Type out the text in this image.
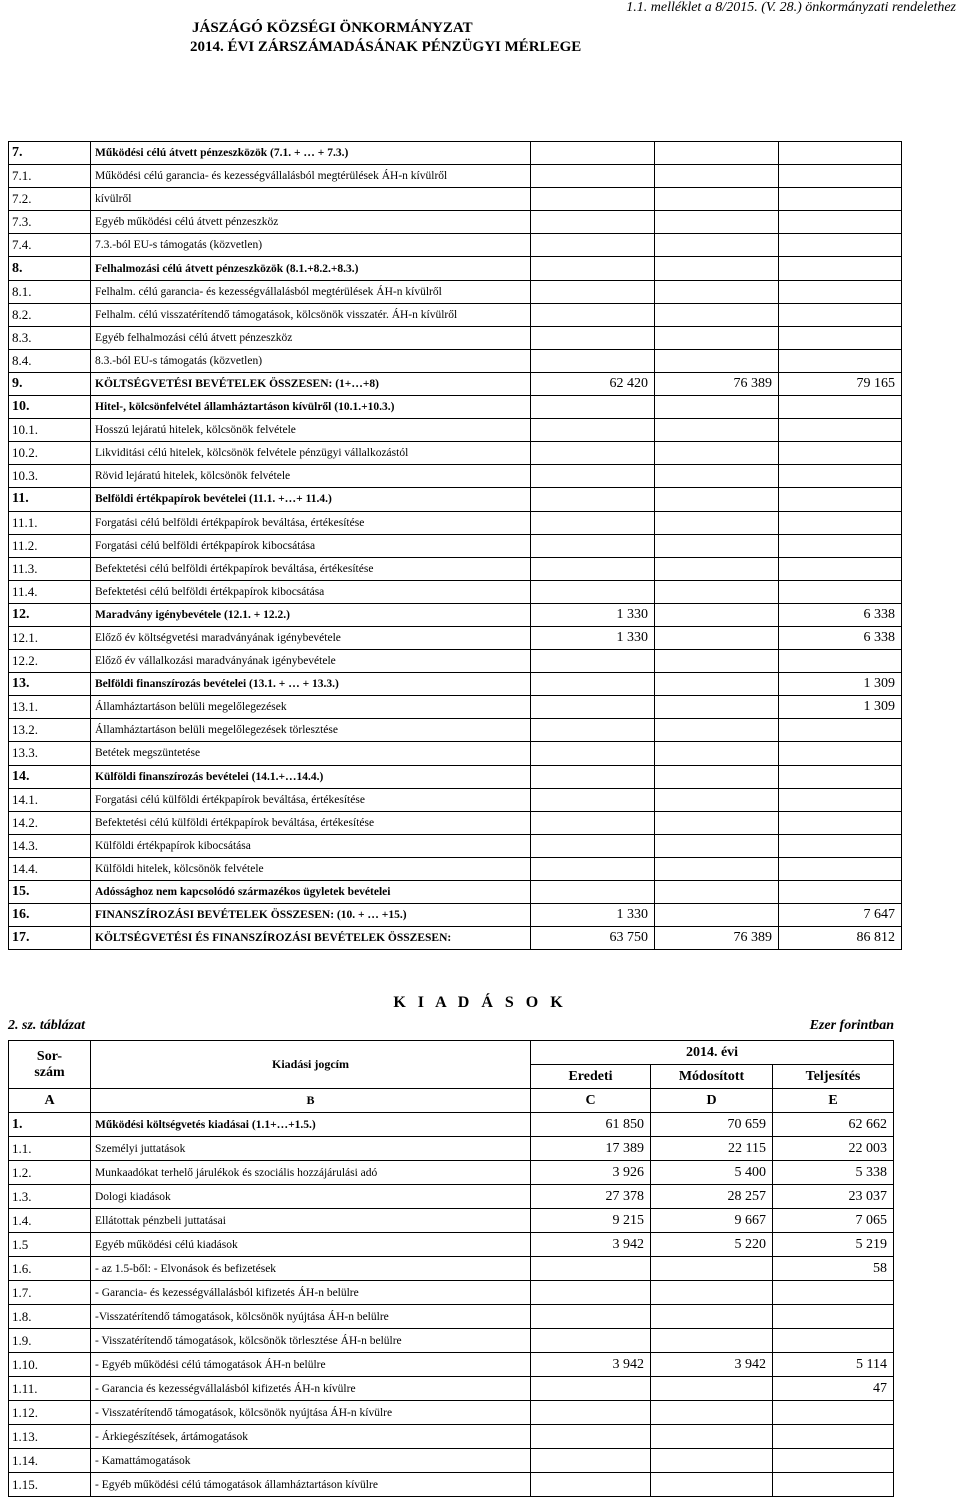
1.1. melléklet a 8/2015. (V. 28.) önkormányzati rendelethez
JÁSZÁGÓ KÖZSÉGI ÖNKORMÁNYZAT
2014. ÉVI ZÁRSZÁMADÁSÁNAK PÉNZÜGYI MÉRLEGE
7.	Működési célú átvett pénzeszközök (7.1. + … + 7.3.)			
7.1.	Működési célú garancia- és kezességvállalásból megtérülések ÁH-n kívülről			
7.2.	kívülről			
7.3.	Egyéb működési célú átvett pénzeszköz			
7.4.	7.3.-ból EU-s támogatás (közvetlen)			
8.	Felhalmozási célú átvett pénzeszközök (8.1.+8.2.+8.3.)			
8.1.	Felhalm. célú garancia- és kezességvállalásból megtérülések ÁH-n kívülről			
8.2.	Felhalm. célú visszatérítendő támogatások, kölcsönök visszatér. ÁH-n kívülről			
8.3.	Egyéb felhalmozási célú átvett pénzeszköz			
8.4.	8.3.-ból EU-s támogatás (közvetlen)			
9.	KÖLTSÉGVETÉSI BEVÉTELEK ÖSSZESEN: (1+…+8)	62 420	76 389	79 165
10.	Hitel-, kölcsönfelvétel államháztartáson kívülről (10.1.+10.3.)			
10.1.	Hosszú lejáratú hitelek, kölcsönök felvétele			
10.2.	Likviditási célú hitelek, kölcsönök felvétele pénzügyi vállalkozástól			
10.3.	Rövid lejáratú hitelek, kölcsönök felvétele			
11.	Belföldi értékpapírok bevételei (11.1. +…+ 11.4.)			
11.1.	Forgatási célú belföldi értékpapírok beváltása, értékesítése			
11.2.	Forgatási célú belföldi értékpapírok kibocsátása			
11.3.	Befektetési célú belföldi értékpapírok beváltása, értékesítése			
11.4.	Befektetési célú belföldi értékpapírok kibocsátása			
12.	Maradvány igénybevétele (12.1. + 12.2.)	1 330		6 338
12.1.	Előző év költségvetési maradványának igénybevétele	1 330		6 338
12.2.	Előző év vállalkozási maradványának igénybevétele			
13.	Belföldi finanszírozás bevételei (13.1. + … + 13.3.)			1 309
13.1.	Államháztartáson belüli megelőlegezések			1 309
13.2.	Államháztartáson belüli megelőlegezések törlesztése			
13.3.	Betétek megszüntetése			
14.	Külföldi finanszírozás bevételei (14.1.+…14.4.)			
14.1.	Forgatási célú külföldi értékpapírok beváltása, értékesítése			
14.2.	Befektetési célú külföldi értékpapírok beváltása, értékesítése			
14.3.	Külföldi értékpapírok kibocsátása			
14.4.	Külföldi hitelek, kölcsönök felvétele			
15.	Adóssághoz nem kapcsolódó származékos ügyletek bevételei			
16.	FINANSZÍROZÁSI BEVÉTELEK ÖSSZESEN: (10. + … +15.)	1 330		7 647
17.	KÖLTSÉGVETÉSI ÉS FINANSZÍROZÁSI BEVÉTELEK ÖSSZESEN:	63 750	76 389	86 812
K I A D Á S O K
2. sz. táblázat	Ezer forintban
Sor-
szám	Kiadási jogcím	2014. évi		
		Eredeti	Módosított	Teljesítés
A	B	C	D	E
1.	Működési költségvetés kiadásai (1.1+…+1.5.)	61 850	70 659	62 662
1.1.	Személyi juttatások	17 389	22 115	22 003
1.2.	Munkaadókat terhelő járulékok és szociális hozzájárulási adó	3 926	5 400	5 338
1.3.	Dologi kiadások	27 378	28 257	23 037
1.4.	Ellátottak pénzbeli juttatásai	9 215	9 667	7 065
1.5	Egyéb működési célú kiadások	3 942	5 220	5 219
1.6.	- az 1.5-ből: - Elvonások és befizetések			58
1.7.	- Garancia- és kezességvállalásból kifizetés ÁH-n belülre			
1.8.	-Visszatérítendő támogatások, kölcsönök nyújtása ÁH-n belülre			
1.9.	- Visszatérítendő támogatások, kölcsönök törlesztése ÁH-n belülre			
1.10.	- Egyéb működési célú támogatások ÁH-n belülre	3 942	3 942	5 114
1.11.	- Garancia és kezességvállalásból kifizetés ÁH-n kívülre			47
1.12.	- Visszatérítendő támogatások, kölcsönök nyújtása ÁH-n kívülre			
1.13.	- Árkiegészítések, ártámogatások			
1.14.	- Kamattámogatások			
1.15.	- Egyéb működési célú támogatások államháztartáson kívülre			
